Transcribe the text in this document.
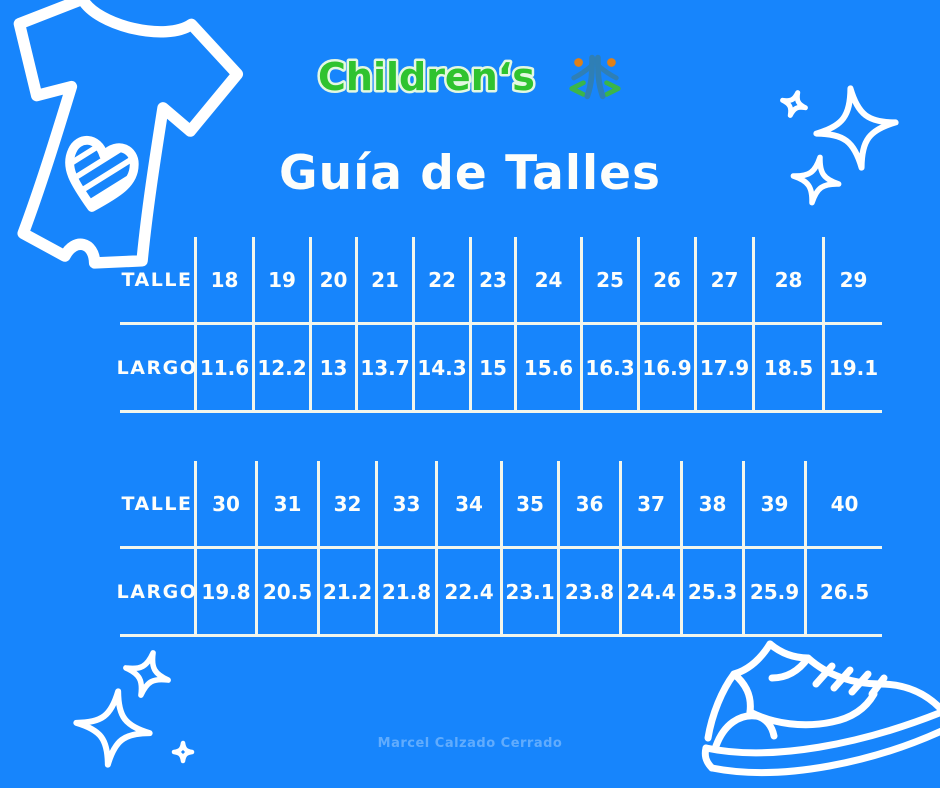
Children‘s
Guía de Talles
TALLE 18	19	20	21	22	23	24	25	26	27	28	29
LARGO 11.6 12.2 13 13.7 14.3 15 15.6 16.3 16.9 17.9 18.5 19.1
TALLE 30	31	32	33	34	35	36	37	38	39	40
LARGO 19.8 20.5 21.2 21.8 22.4 23.1 23.8 24.4 25.3 25.9	26.5
Marcel Calzado Cerrado
